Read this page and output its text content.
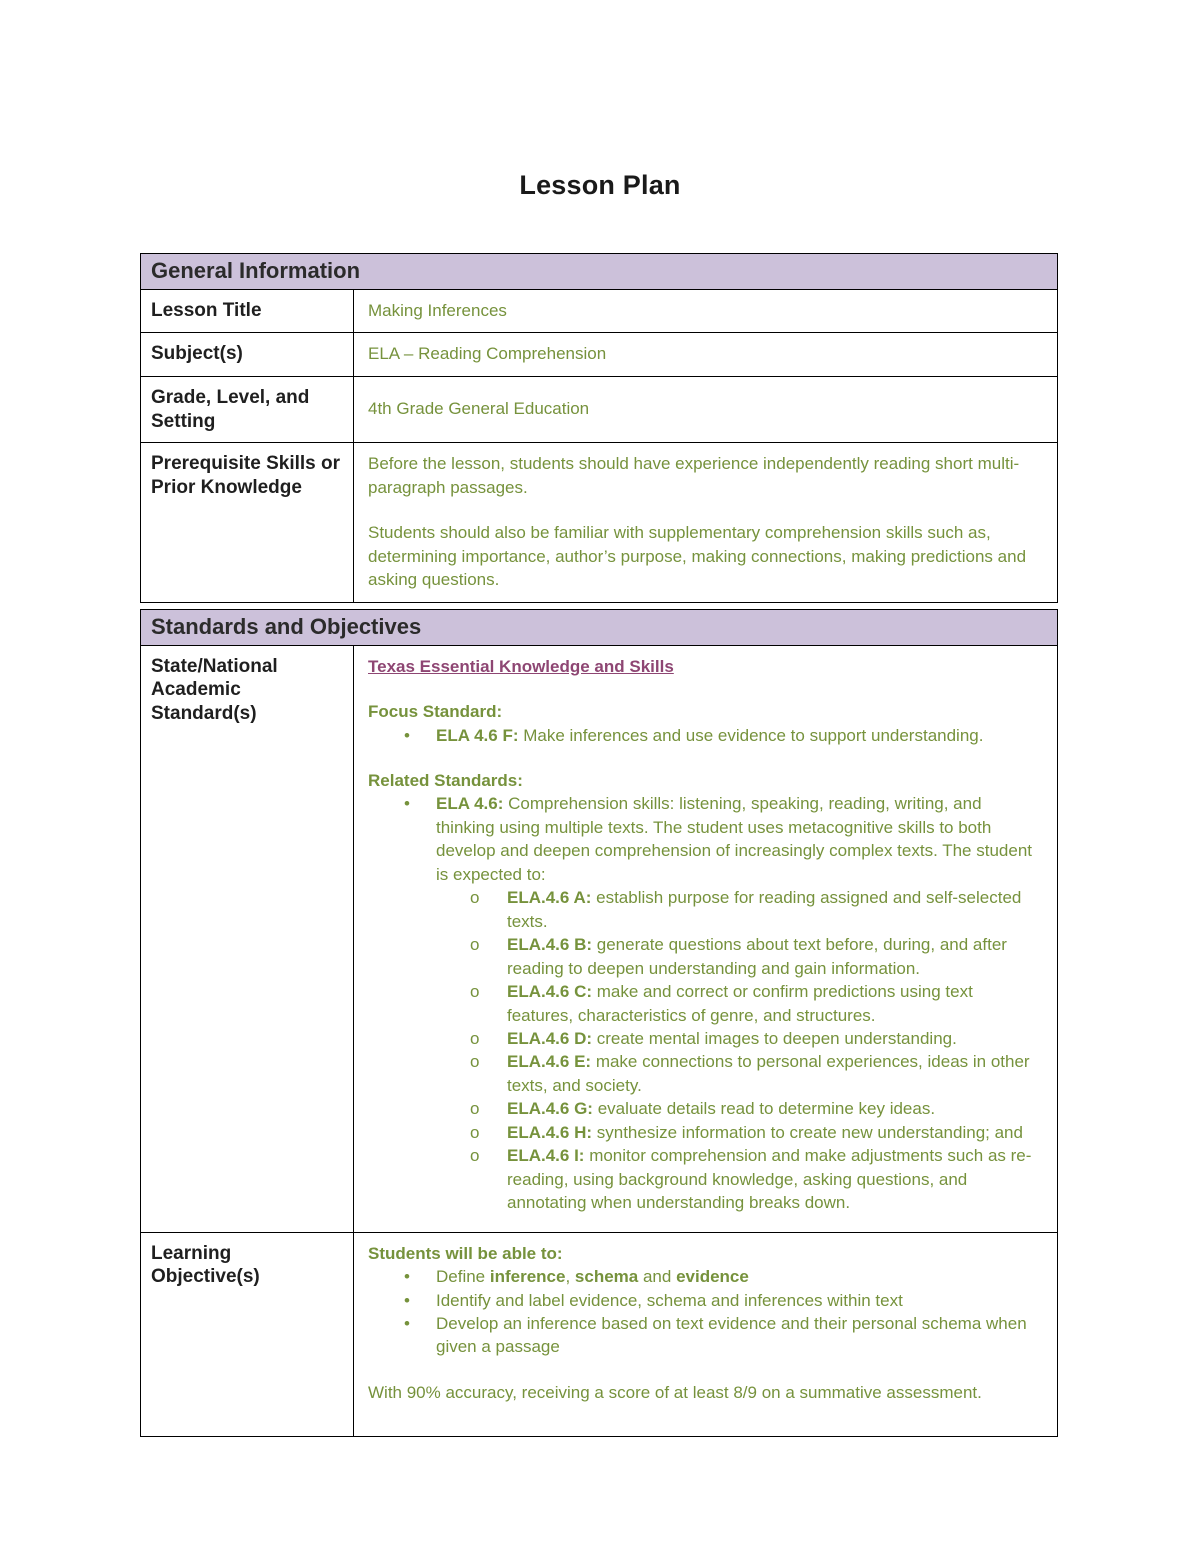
Lesson Plan
General Information
Lesson Title	Making Inferences
Subject(s)	ELA – Reading Comprehension
Grade, Level, and Setting
4th Grade General Education
Prerequisite Skills or Prior Knowledge
Before the lesson, students should have experience independently reading short multi-paragraph passages.
Students should also be familiar with supplementary comprehension skills such as, determining importance, author’s purpose, making connections, making predictions and asking questions.
Standards and Objectives
State/National Academic Standard(s)
Texas Essential Knowledge and Skills
Focus Standard:
• ELA 4.6 F: Make inferences and use evidence to support understanding.
Related Standards:
• ELA 4.6: Comprehension skills: listening, speaking, reading, writing, and thinking using multiple texts. The student uses metacognitive skills to both develop and deepen comprehension of increasingly complex texts. The student is expected to:
o ELA.4.6 A: establish purpose for reading assigned and self-selected texts.
o ELA.4.6 B: generate questions about text before, during, and after reading to deepen understanding and gain information.
o ELA.4.6 C: make and correct or confirm predictions using text features, characteristics of genre, and structures.
o ELA.4.6 D: create mental images to deepen understanding.
o ELA.4.6 E: make connections to personal experiences, ideas in other texts, and society.
o ELA.4.6 G: evaluate details read to determine key ideas.
o ELA.4.6 H: synthesize information to create new understanding; and
o ELA.4.6 I: monitor comprehension and make adjustments such as re-reading, using background knowledge, asking questions, and annotating when understanding breaks down.
Learning Objective(s)
Students will be able to:
• Define inference, schema and evidence
• Identify and label evidence, schema and inferences within text
• Develop an inference based on text evidence and their personal schema when given a passage
With 90% accuracy, receiving a score of at least 8/9 on a summative assessment.
